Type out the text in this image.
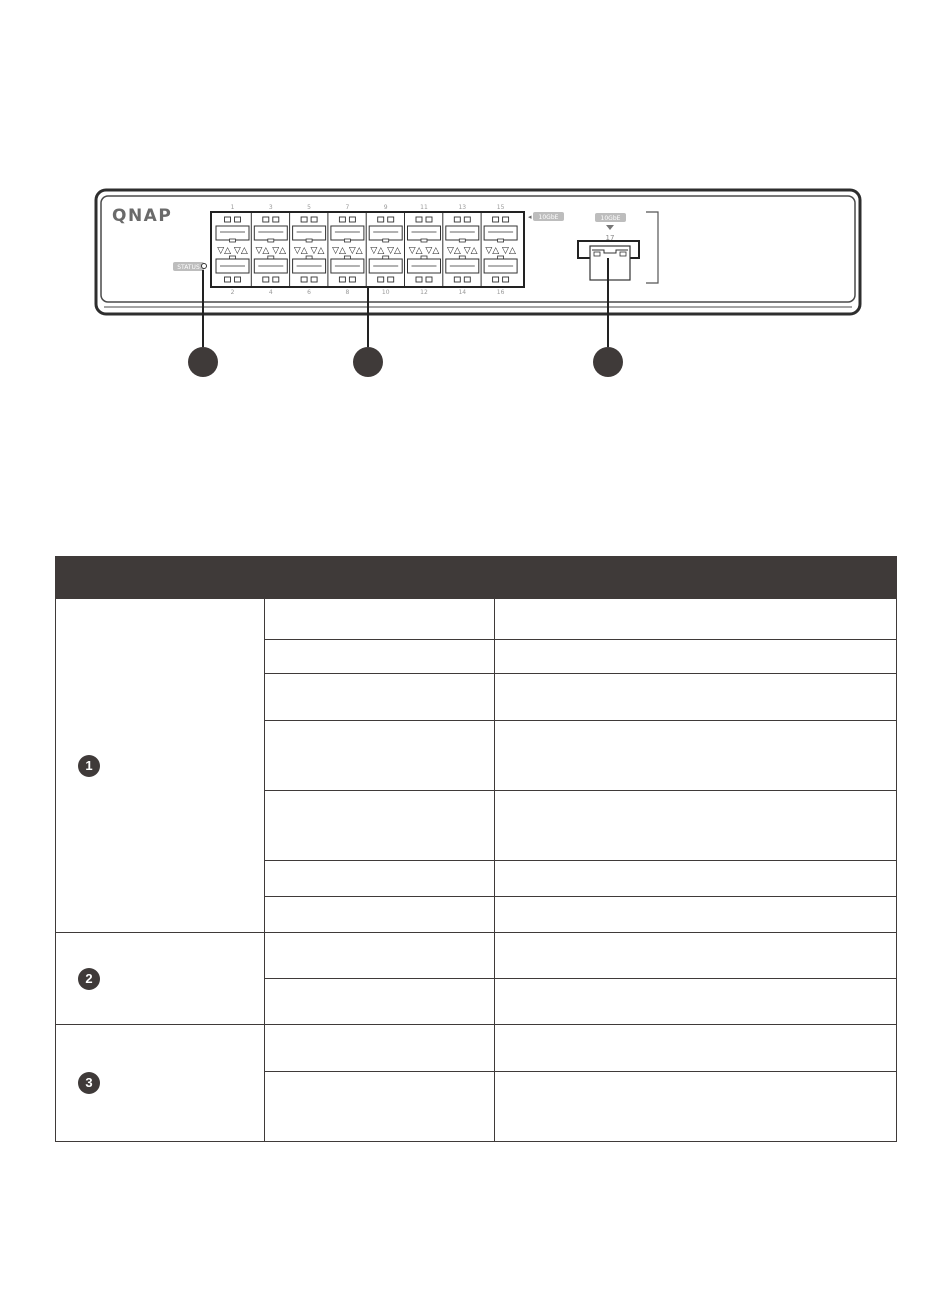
QNAP
STATUS
1
▽△ ▽△
2
3
▽△ ▽△
4
5
▽△ ▽△
6
7
▽△ ▽△
8
9
▽△ ▽△
10
11
▽△ ▽△
12
13
▽△ ▽△
14
15
▽△ ▽△
16
◂ 10GbE	10GbE
17

1		

2		

3		
